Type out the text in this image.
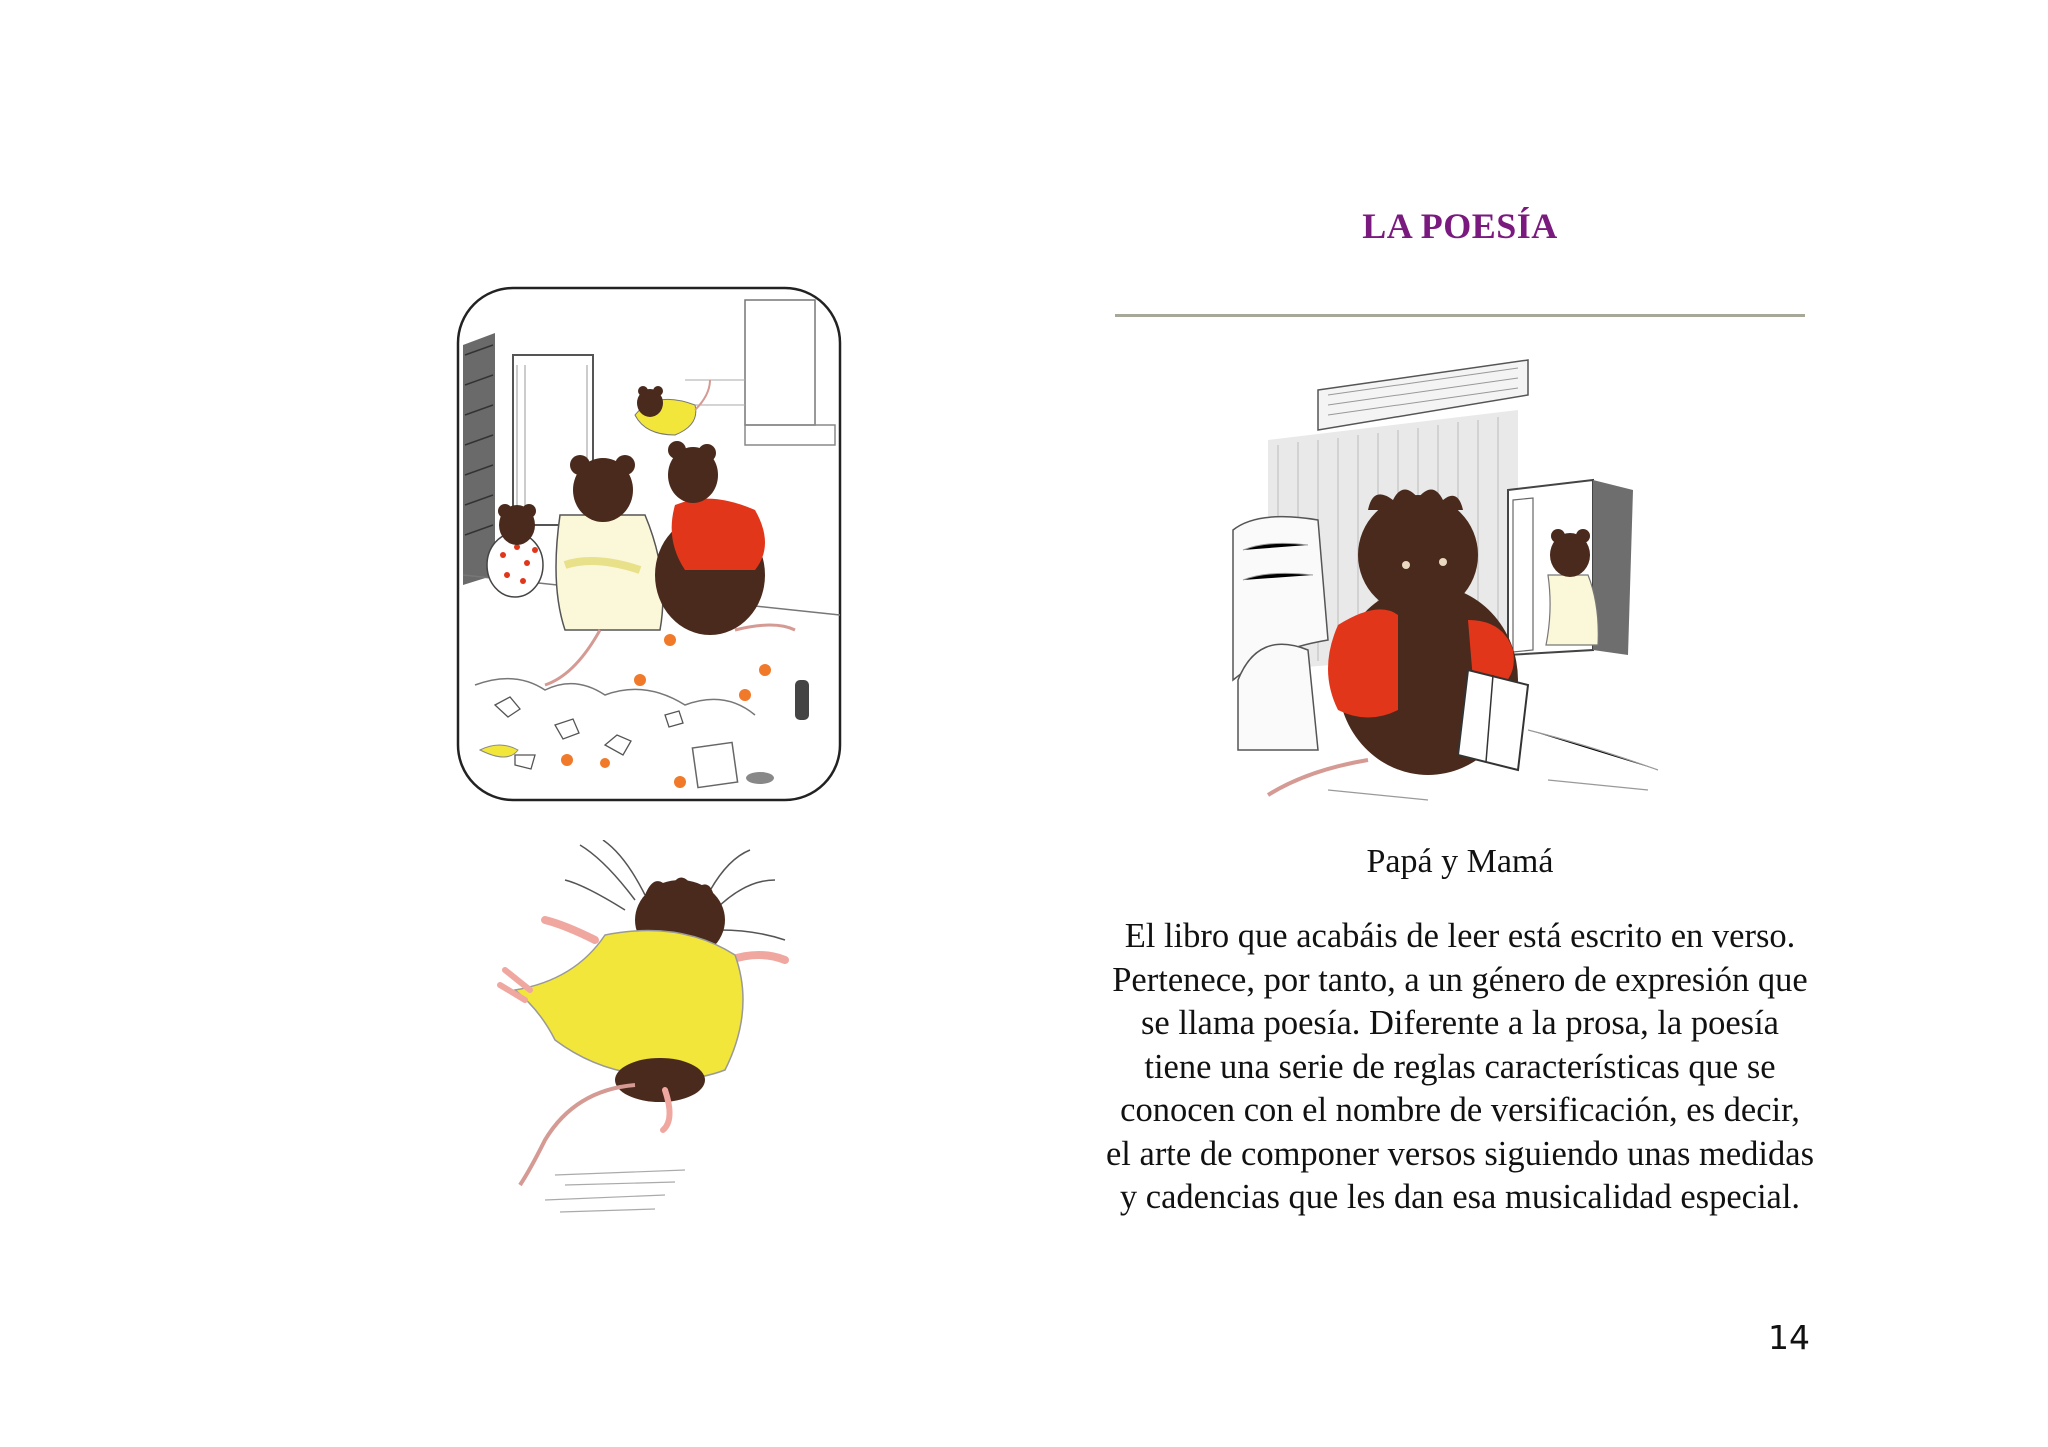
LA POESÍA
Papá y Mamá
El libro que acabáis de leer está escrito en verso. Pertenece, por tanto, a un género de expresión que se llama poesía. Diferente a la prosa, la poesía tiene una serie de reglas características que se conocen con el nombre de versificación, es decir, el arte de componer versos siguiendo unas medidas y cadencias que les dan esa musicalidad especial.
14
